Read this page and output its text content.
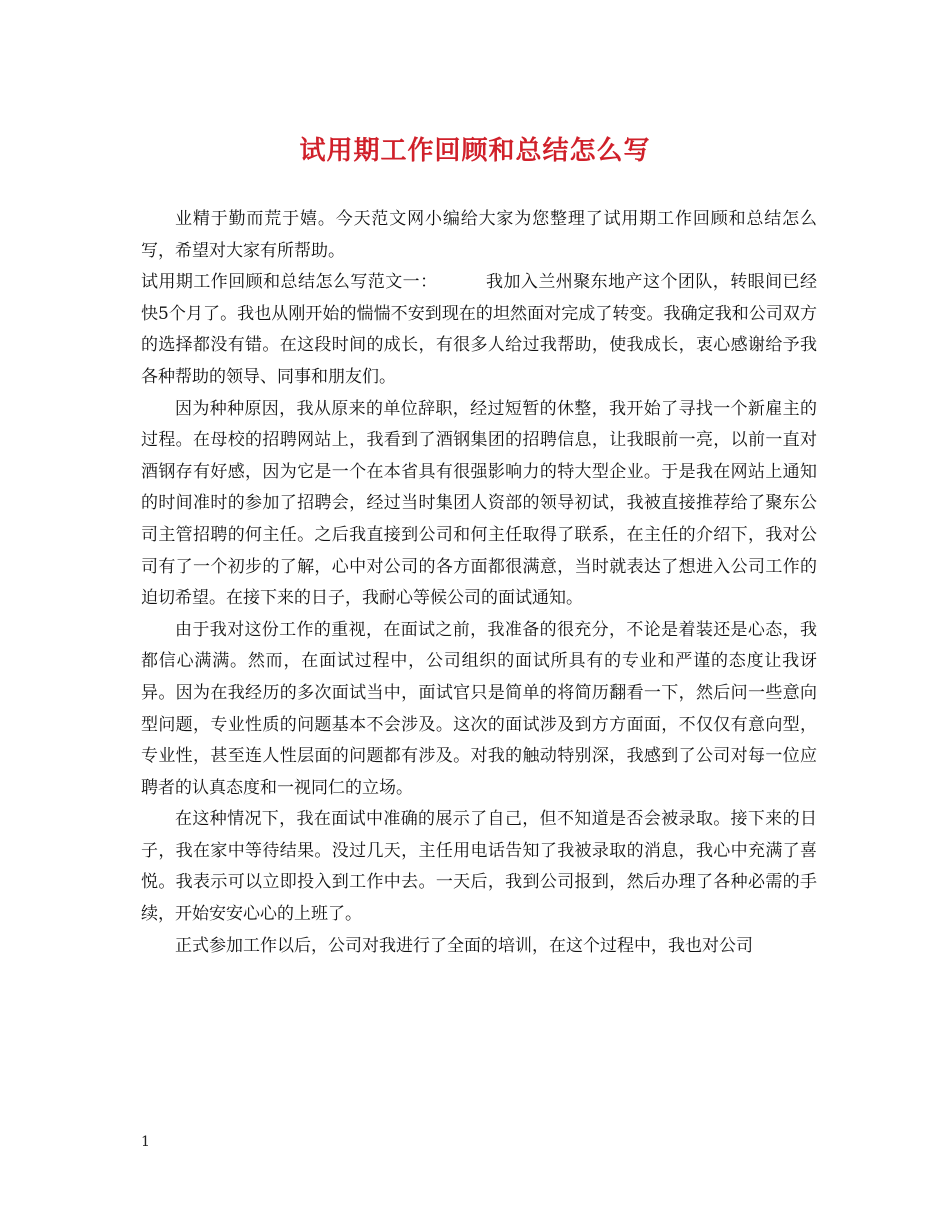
试用期工作回顾和总结怎么写

业精于勤而荒于嬉。今天范文网小编给大家为您整理了试用期工作回顾和总结怎么写，希望对大家有所帮助。

试用期工作回顾和总结怎么写范文一：	我加入兰州聚东地产这个团队，转眼间已经快5个月了。我也从刚开始的惴惴不安到现在的坦然面对完成了转变。我确定我和公司双方的选择都没有错。在这段时间的成长，有很多人给过我帮助，使我成长，衷心感谢给予我各种帮助的领导、同事和朋友们。

因为种种原因，我从原来的单位辞职，经过短暂的休整，我开始了寻找一个新雇主的过程。在母校的招聘网站上，我看到了酒钢集团的招聘信息，让我眼前一亮，以前一直对酒钢存有好感，因为它是一个在本省具有很强影响力的特大型企业。于是我在网站上通知的时间准时的参加了招聘会，经过当时集团人资部的领导初试，我被直接推荐给了聚东公司主管招聘的何主任。之后我直接到公司和何主任取得了联系，在主任的介绍下，我对公司有了一个初步的了解，心中对公司的各方面都很满意，当时就表达了想进入公司工作的迫切希望。在接下来的日子，我耐心等候公司的面试通知。

由于我对这份工作的重视，在面试之前，我准备的很充分，不论是着装还是心态，我都信心满满。然而，在面试过程中，公司组织的面试所具有的专业和严谨的态度让我讶异。因为在我经历的多次面试当中，面试官只是简单的将简历翻看一下，然后问一些意向型问题，专业性质的问题基本不会涉及。这次的面试涉及到方方面面，不仅仅有意向型，专业性，甚至连人性层面的问题都有涉及。对我的触动特别深，我感到了公司对每一位应聘者的认真态度和一视同仁的立场。

在这种情况下，我在面试中准确的展示了自己，但不知道是否会被录取。接下来的日子，我在家中等待结果。没过几天，主任用电话告知了我被录取的消息，我心中充满了喜悦。我表示可以立即投入到工作中去。一天后，我到公司报到，然后办理了各种必需的手续，开始安安心心的上班了。

正式参加工作以后，公司对我进行了全面的培训，在这个过程中，我也对公司

1
